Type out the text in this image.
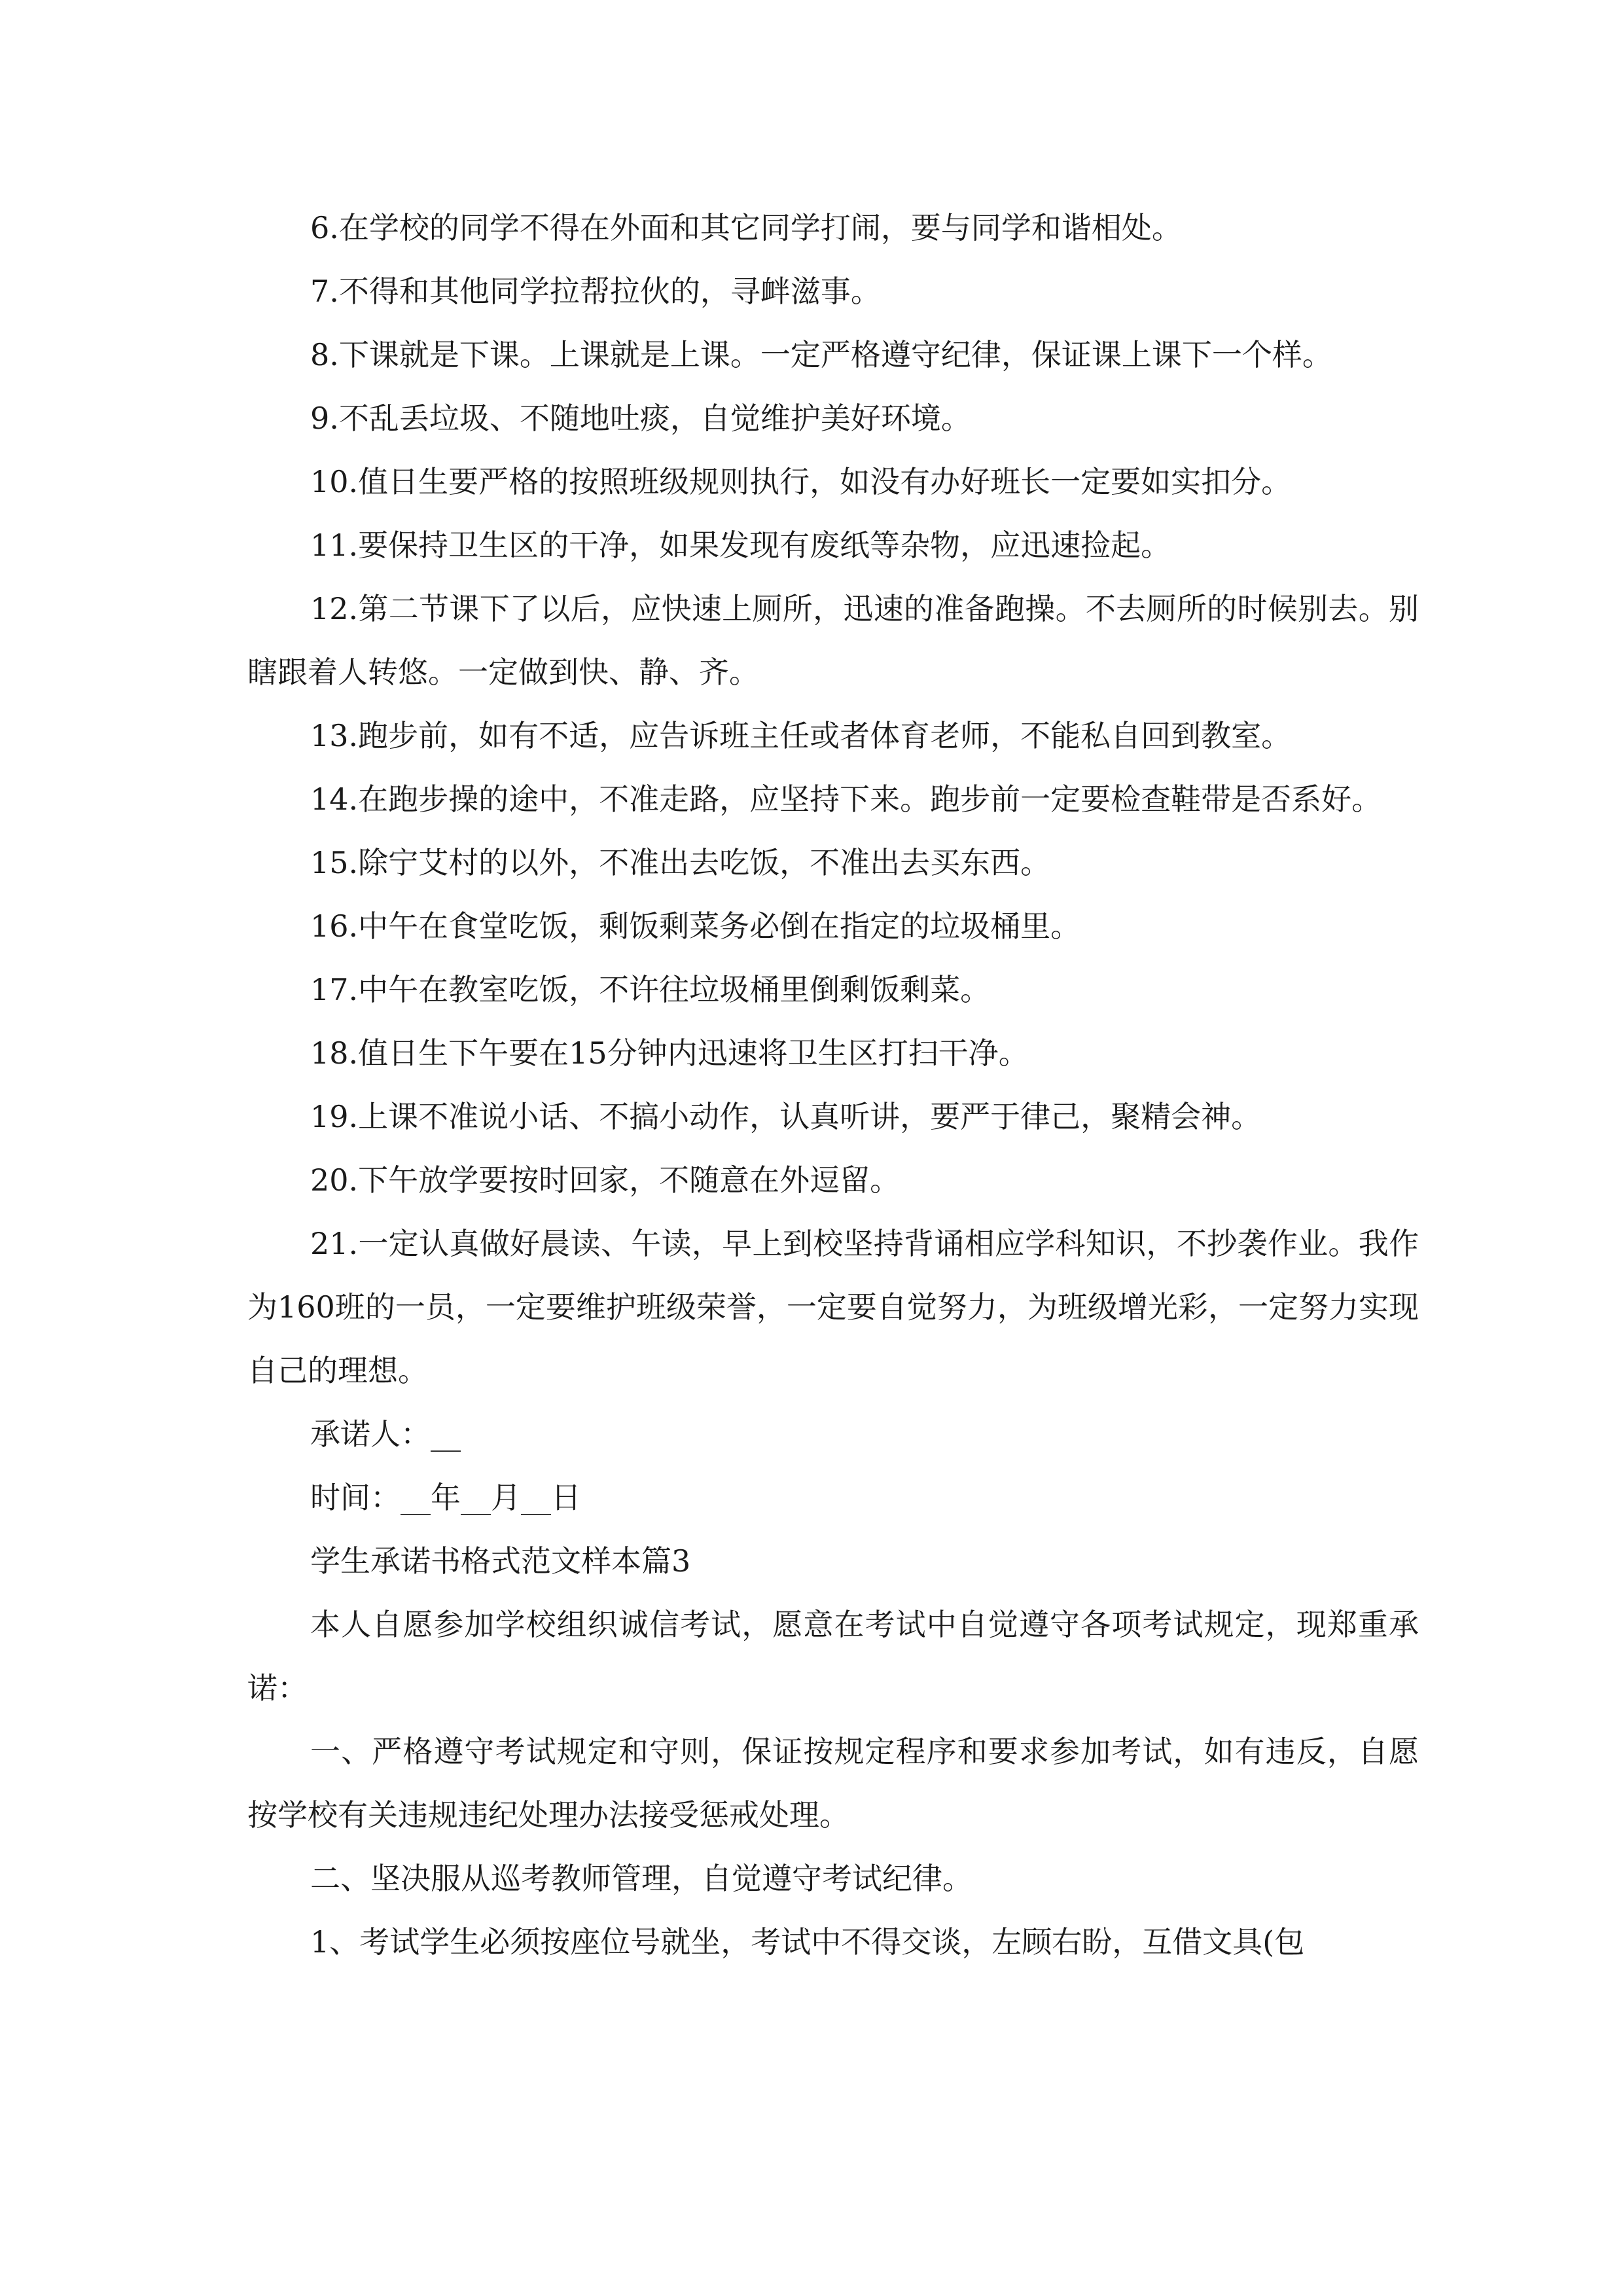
6.在学校的同学不得在外面和其它同学打闹，要与同学和谐相处。

7.不得和其他同学拉帮拉伙的，寻衅滋事。

8.下课就是下课。上课就是上课。一定严格遵守纪律，保证课上课下一个样。

9.不乱丢垃圾、不随地吐痰，自觉维护美好环境。

10.值日生要严格的按照班级规则执行，如没有办好班长一定要如实扣分。

11.要保持卫生区的干净，如果发现有废纸等杂物，应迅速捡起。

12.第二节课下了以后，应快速上厕所，迅速的准备跑操。不去厕所的时候别去。别瞎跟着人转悠。一定做到快、静、齐。

13.跑步前，如有不适，应告诉班主任或者体育老师，不能私自回到教室。

14.在跑步操的途中，不准走路，应坚持下来。跑步前一定要检查鞋带是否系好。

15.除宁艾村的以外，不准出去吃饭，不准出去买东西。

16.中午在食堂吃饭，剩饭剩菜务必倒在指定的垃圾桶里。

17.中午在教室吃饭，不许往垃圾桶里倒剩饭剩菜。

18.值日生下午要在15分钟内迅速将卫生区打扫干净。

19.上课不准说小话、不搞小动作，认真听讲，要严于律己，聚精会神。

20.下午放学要按时回家，不随意在外逗留。

21.一定认真做好晨读、午读，早上到校坚持背诵相应学科知识，不抄袭作业。我作为160班的一员，一定要维护班级荣誉，一定要自觉努力，为班级增光彩，一定努力实现自己的理想。

承诺人：__

时间：__年__月__日

学生承诺书格式范文样本篇3

本人自愿参加学校组织诚信考试，愿意在考试中自觉遵守各项考试规定，现郑重承诺：

一、严格遵守考试规定和守则，保证按规定程序和要求参加考试，如有违反，自愿按学校有关违规违纪处理办法接受惩戒处理。

二、坚决服从巡考教师管理，自觉遵守考试纪律。

1、考试学生必须按座位号就坐，考试中不得交谈，左顾右盼，互借文具(包
